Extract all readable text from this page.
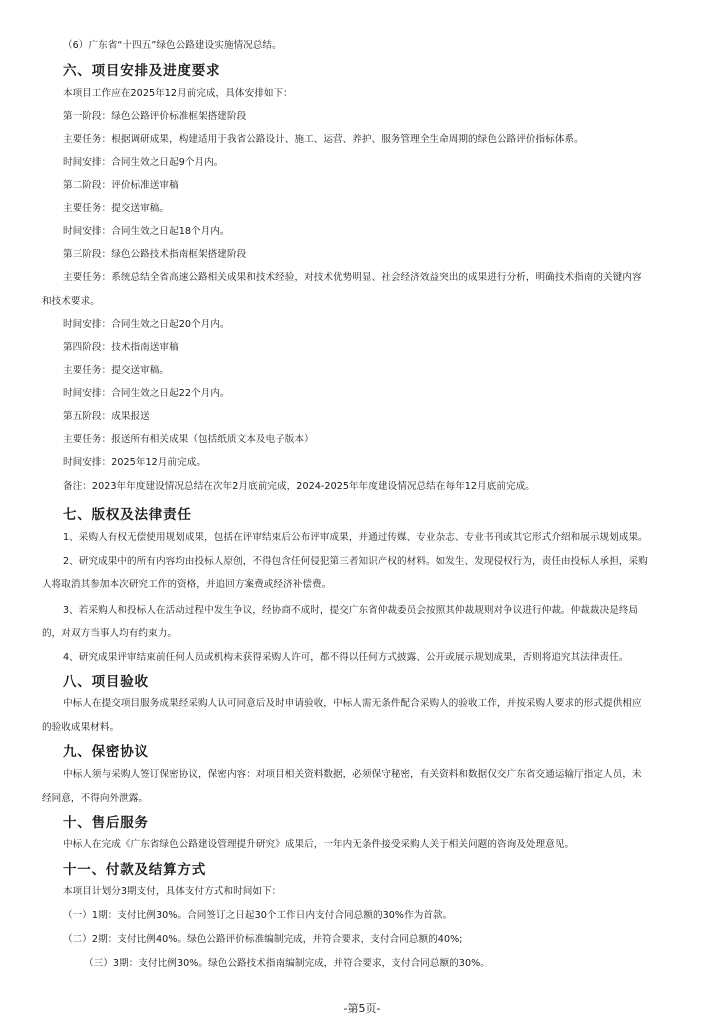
（6）广东省“十四五”绿色公路建设实施情况总结。
六、项目安排及进度要求
本项目工作应在2025年12月前完成，具体安排如下：
第一阶段：绿色公路评价标准框架搭建阶段
主要任务：根据调研成果，构建适用于我省公路设计、施工、运营、养护、服务管理全生命周期的绿色公路评价指标体系。
时间安排：合同生效之日起9个月内。
第二阶段：评价标准送审稿
主要任务：提交送审稿。
时间安排：合同生效之日起18个月内。
第三阶段：绿色公路技术指南框架搭建阶段
主要任务：系统总结全省高速公路相关成果和技术经验，对技术优势明显、社会经济效益突出的成果进行分析，明确技术指南的关键内容
和技术要求。
时间安排：合同生效之日起20个月内。
第四阶段：技术指南送审稿
主要任务：提交送审稿。
时间安排：合同生效之日起22个月内。
第五阶段：成果报送
主要任务：报送所有相关成果（包括纸质文本及电子版本）
时间安排：2025年12月前完成。
备注：2023年年度建设情况总结在次年2月底前完成，2024-2025年年度建设情况总结在每年12月底前完成。
七、版权及法律责任
1、采购人有权无偿使用规划成果，包括在评审结束后公布评审成果，并通过传媒、专业杂志、专业书刊或其它形式介绍和展示规划成果。
2、研究成果中的所有内容均由投标人原创，不得包含任何侵犯第三者知识产权的材料。如发生、发现侵权行为，责任由投标人承担，采购
人将取消其参加本次研究工作的资格，并追回方案费或经济补偿费。
3、若采购人和投标人在活动过程中发生争议，经协商不成时，提交广东省仲裁委员会按照其仲裁规则对争议进行仲裁。仲裁裁决是终局
的，对双方当事人均有约束力。
4、研究成果评审结束前任何人员或机构未获得采购人许可，都不得以任何方式披露、公开或展示规划成果，否则将追究其法律责任。
八、项目验收
中标人在提交项目服务成果经采购人认可同意后及时申请验收，中标人需无条件配合采购人的验收工作，并按采购人要求的形式提供相应
的验收成果材料。
九、保密协议
中标人须与采购人签订保密协议，保密内容：对项目相关资料数据，必须保守秘密，有关资料和数据仅交广东省交通运输厅指定人员，未
经同意，不得向外泄露。
十、售后服务
中标人在完成《广东省绿色公路建设管理提升研究》成果后，一年内无条件接受采购人关于相关问题的咨询及处理意见。
十一、付款及结算方式
本项目计划分3期支付，具体支付方式和时间如下：
（一）1期：支付比例30%。合同签订之日起30个工作日内支付合同总额的30%作为首款。
（二）2期：支付比例40%。绿色公路评价标准编制完成，并符合要求，支付合同总额的40%;
（三）3期：支付比例30%。绿色公路技术指南编制完成，并符合要求，支付合同总额的30%。
-第5页-
